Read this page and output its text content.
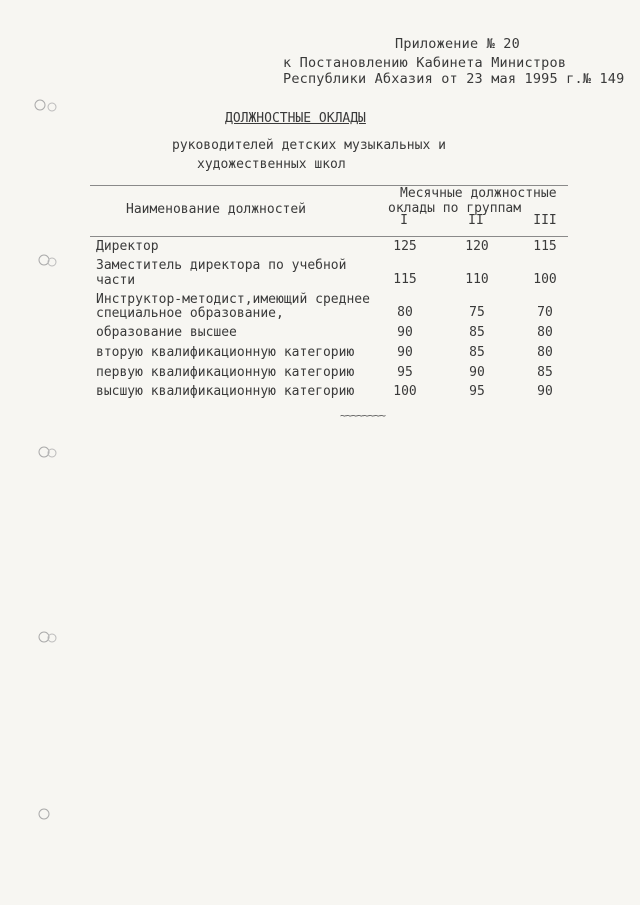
Приложение № 20
к Постановлению Кабинета Министров
Республики Абхазия от 23 мая 1995 г.№ 149
ДОЛЖНОСТНЫЕ ОКЛАДЫ
руководителей детских музыкальных и
художественных школ
Наименование должностей
Месячные должностные
оклады по группам
I	II	III
Директор	125	120	115
Заместитель директора по учебной
части	115	110	100
Инструктор-методист,имеющий среднее
специальное образование,	80	75	70
образование высшее	90	85	80
вторую квалификационную категорию	90	85	80
первую квалификационную категорию	95	90	85
высшую квалификационную категорию	100	95	90
~~~~~~~~
